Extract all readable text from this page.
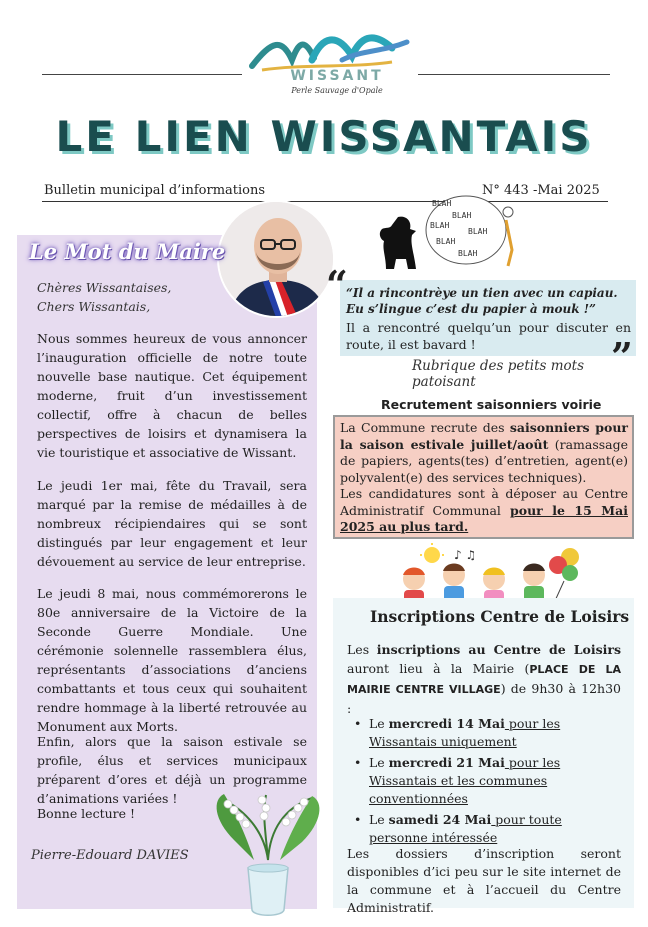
WISSANT
Perle Sauvage d'Opale
LE LIEN WISSANTAIS
Bulletin municipal d’informations	N° 443 -Mai 2025
Le Mot du Maire
Chères Wissantaises,
Chers Wissantais,
Nous sommes heureux de vous annoncer l’inauguration officielle de notre toute nouvelle base nautique. Cet équipement moderne, fruit d’un investissement collectif, offre à chacun de belles perspectives de loisirs et dynamisera la vie touristique et associative de Wissant.
Le jeudi 1er mai, fête du Travail, sera marqué par la remise de médailles à de nombreux récipiendaires qui se sont distingués par leur engagement et leur dévouement au service de leur entreprise.
Le jeudi 8 mai, nous commémorerons le 80e anniversaire de la Victoire de la Seconde Guerre Mondiale. Une cérémonie solennelle rassemblera élus, représentants d’associations d’anciens combattants et tous ceux qui souhaitent rendre hommage à la liberté retrouvée au Monument aux Morts.
Enfin, alors que la saison estivale se profile, élus et services municipaux préparent d’ores et déjà un programme d’animations variées !
Bonne lecture !
Pierre-Edouard DAVIES
BLAH
BLAH
BLAH
BLAH
BLAH
BLAH
“
”
“Il a rincontrèye un tien avec un capiau. Eu s’lingue c’est du papier à mouk !”
Il a rencontré quelqu’un pour discuter en route, il est bavard !
Rubrique des petits mots patoisant
Recrutement saisonniers voirie
La Commune recrute des saisonniers pour la saison estivale juillet/août (ramassage de papiers, agents(tes) d’entretien, agent(e) polyvalent(e) des services techniques).
Les candidatures sont à déposer au Centre Administratif Communal pour le 15 Mai 2025 au plus tard.
♪ ♫
Inscriptions Centre de Loisirs
Les inscriptions au Centre de Loisirs auront lieu à la Mairie (PLACE DE LA MAIRIE CENTRE VILLAGE) de 9h30 à 12h30 :
• Le mercredi 14 Mai pour les Wissantais uniquement
• Le mercredi 21 Mai pour les Wissantais et les communes conventionnées
• Le samedi 24 Mai pour toute personne intéressée
Les dossiers d’inscription seront disponibles d’ici peu sur le site internet de la commune et à l’accueil du Centre Administratif.
